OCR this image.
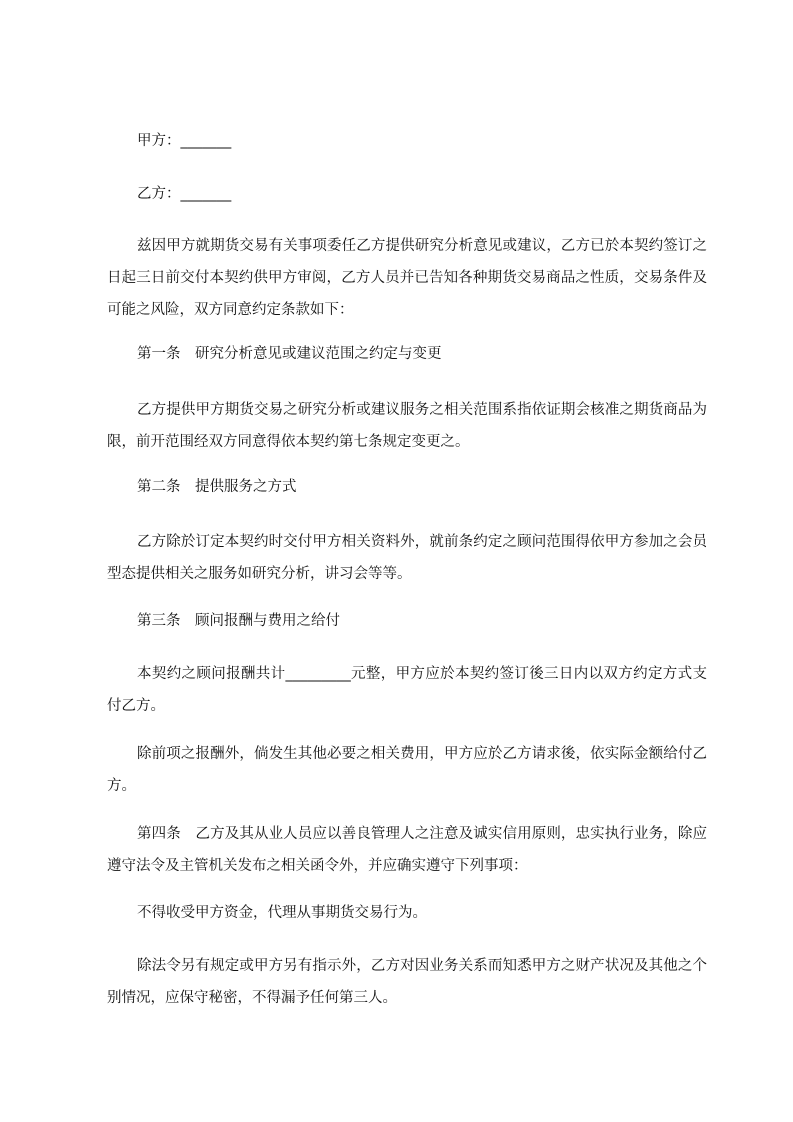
甲方：_______
乙方：_______
兹因甲方就期货交易有关事项委任乙方提供研究分析意见或建议，乙方已於本契约签订之日起三日前交付本契约供甲方审阅，乙方人员并已告知各种期货交易商品之性质，交易条件及可能之风险，双方同意约定条款如下：
第一条　研究分析意见或建议范围之约定与变更
乙方提供甲方期货交易之研究分析或建议服务之相关范围系指依证期会核准之期货商品为限，前开范围经双方同意得依本契约第七条规定变更之。
第二条　提供服务之方式
乙方除於订定本契约时交付甲方相关资料外，就前条约定之顾问范围得依甲方参加之会员型态提供相关之服务如研究分析，讲习会等等。
第三条　顾问报酬与费用之给付
本契约之顾问报酬共计_________元整，甲方应於本契约签订後三日内以双方约定方式支付乙方。
除前项之报酬外，倘发生其他必要之相关费用，甲方应於乙方请求後，依实际金额给付乙方。
第四条　乙方及其从业人员应以善良管理人之注意及诚实信用原则，忠实执行业务，除应遵守法令及主管机关发布之相关函令外，并应确实遵守下列事项：
不得收受甲方资金，代理从事期货交易行为。
除法令另有规定或甲方另有指示外，乙方对因业务关系而知悉甲方之财产状况及其他之个别情况，应保守秘密，不得漏予任何第三人。
